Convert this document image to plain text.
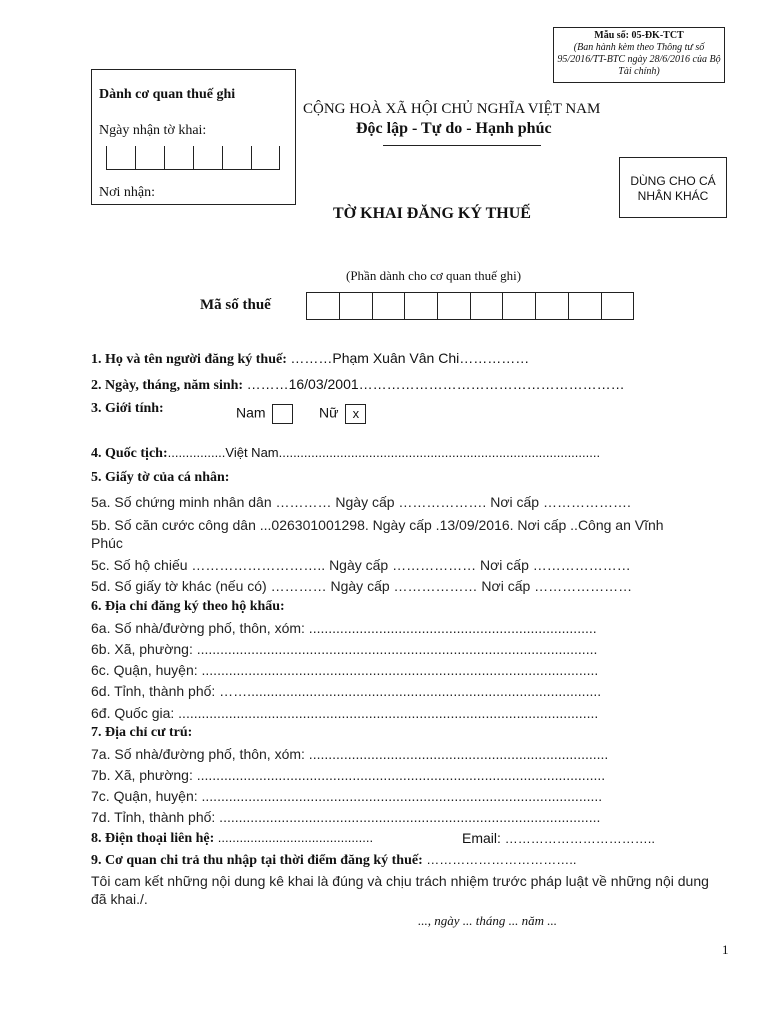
Mẫu số: 05-ĐK-TCT
(Ban hành kèm theo Thông tư số 95/2016/TT-BTC ngày 28/6/2016 của Bộ Tài chính)
Dành cơ quan thuế ghi
Ngày nhận tờ khai:
Nơi nhận:
CỘNG HOÀ XÃ HỘI CHỦ NGHĨA VIỆT NAM
Độc lập - Tự do - Hạnh phúc
DÙNG CHO CÁ NHÂN KHÁC
TỜ KHAI ĐĂNG KÝ THUẾ
(Phần dành cho cơ quan thuế ghi)
Mã số thuế
1. Họ và tên người đăng ký thuế: ………Phạm Xuân Vân Chi……………
2. Ngày, tháng, năm sinh: ………16/03/2001…………………………………………………
3. Giới tính:	Nam	Nữ x
4. Quốc tịch:................Việt Nam.........................................................................................
5. Giấy tờ của cá nhân:
5a. Số chứng minh nhân dân ………… Ngày cấp ………………. Nơi cấp ……………….
5b. Số căn cước công dân ...026301001298. Ngày cấp .13/09/2016. Nơi cấp ..Công an Vĩnh
Phúc
5c. Số hộ chiếu ……………………….. Ngày cấp ……………… Nơi cấp …………………
5d. Số giấy tờ khác (nếu có) ………… Ngày cấp ……………… Nơi cấp …………………
6. Địa chỉ đăng ký theo hộ khẩu:
6a. Số nhà/đường phố, thôn, xóm: ..........................................................................
6b. Xã, phường: .......................................................................................................
6c. Quận, huyện: ......................................................................................................
6d. Tỉnh, thành phố: ……...........................................................................................
6đ. Quốc gia: ............................................................................................................
7. Địa chỉ cư trú:
7a. Số nhà/đường phố, thôn, xóm: .............................................................................
7b. Xã, phường: .........................................................................................................
7c. Quận, huyện: .......................................................................................................
7d. Tỉnh, thành phố: ..................................................................................................
8. Điện thoại liên hệ: ...........................................	Email: ……………………………..
9. Cơ quan chi trả thu nhập tại thời điểm đăng ký thuế: ……………………………..
Tôi cam kết những nội dung kê khai là đúng và chịu trách nhiệm trước pháp luật về những nội dung
đã khai./.
..., ngày ... tháng ... năm ...
1
